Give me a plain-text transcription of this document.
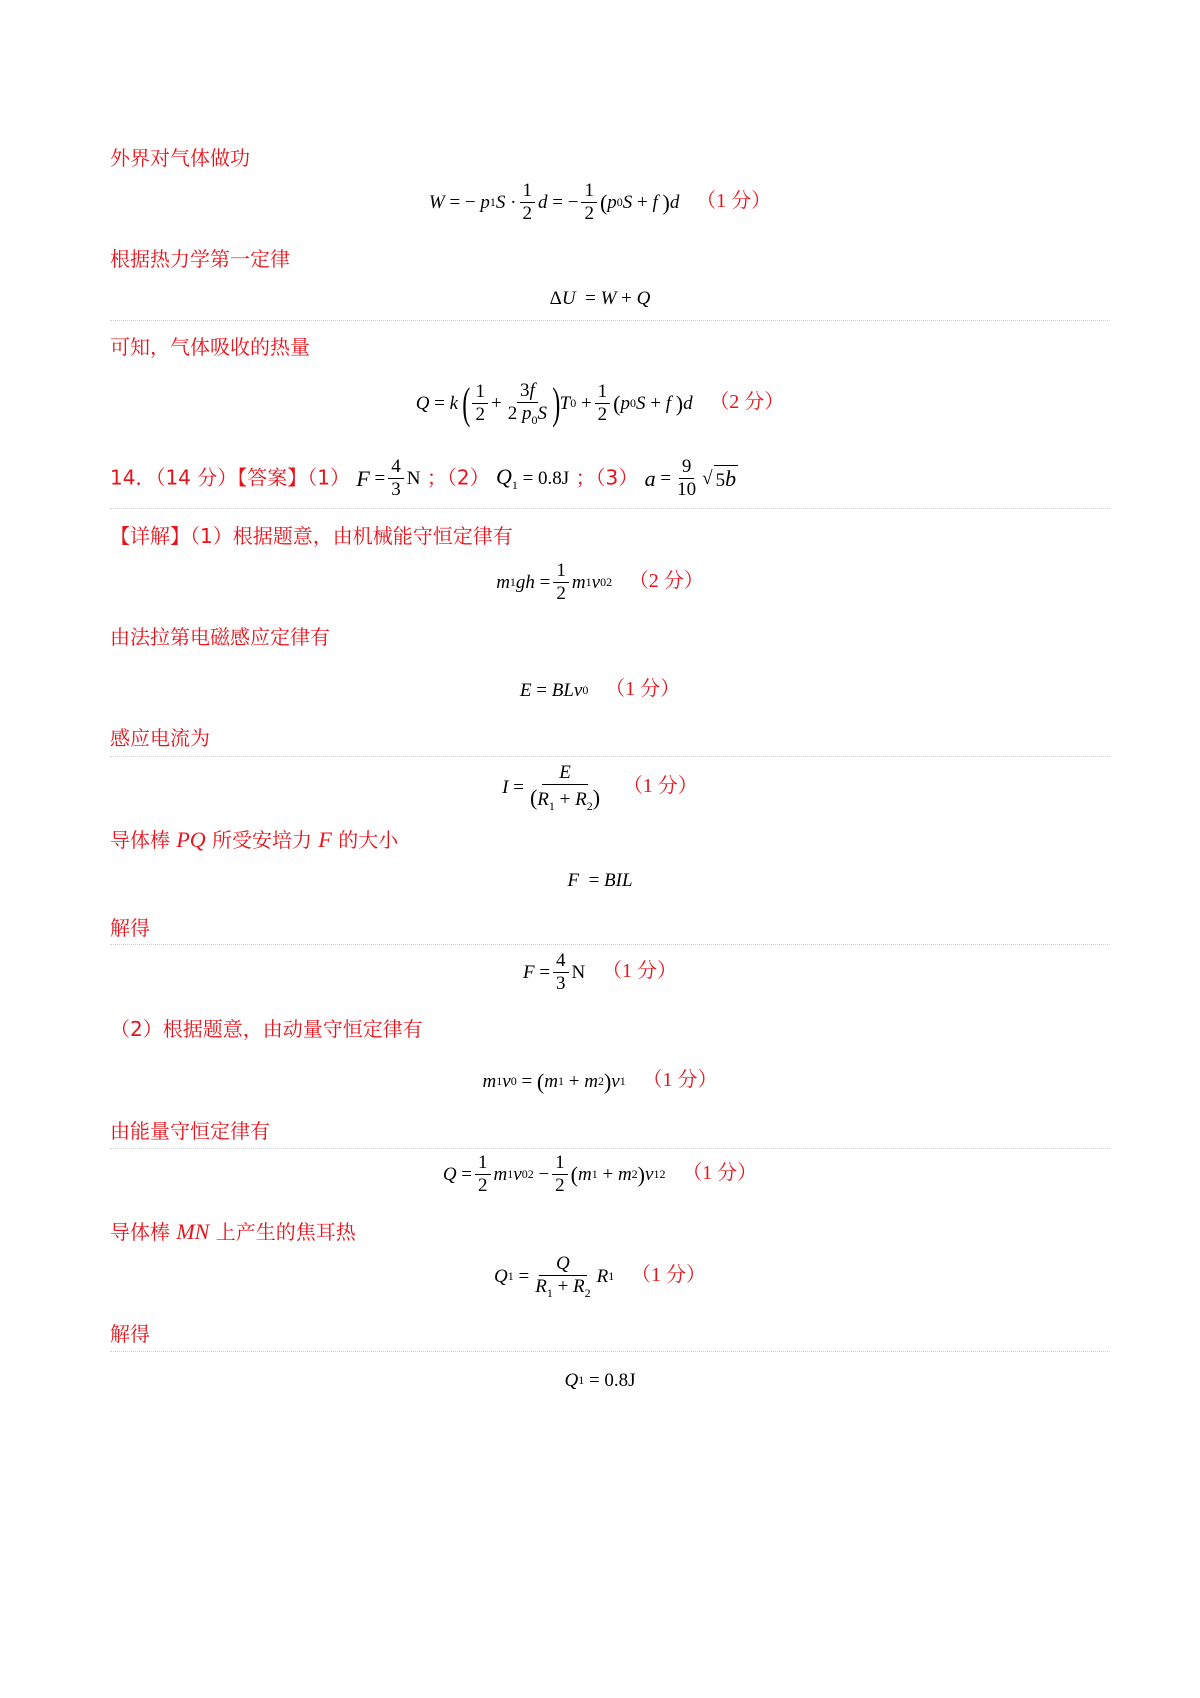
外界对气体做功
W = − p 1 $S \cdot \frac{1}{2}$ d = − $\frac{1}{2}$ ( p 0 S + f
) d （1 分）
根据热力学第一定律
Δ U = W + Q
可知，气体吸收的热量
Q = k
( $\frac{1}{2} + \frac{3f}{2 p_0S}$ ) T $0 + \frac{1}{2}$ ( p 0 S + f
) d （2 分）
14．（14 分）【答案】（1） $F = \frac{4}{3}$ N ；（2） $Q_1 = 0.8J$ ；（3） $a = \frac{9}{10}$ √ 5b
【详解】（1）根据题意，由机械能守恒定律有
m 1 gh = $\frac{1}{2}$ m 1 v 0 2 （2 分）
由法拉第电磁感应定律有
E = BLv 0 （1 分）
感应电流为
$I = \frac{E}{(R_1 + R_2)} (1$ 分）
导体棒 PQ 所受安培力 F 的大小
F = BIL
解得
$F = \frac{4}{3}$ N （1 分）
（2）根据题意，由动量守恒定律有
m 1 v 0 = ( m 1 + m 2 ) v 1 （1 分）
由能量守恒定律有
$Q = \frac{1}{2}$ m 1 v 0 $2 - \frac{1}{2}$ ( m 1 + m 2 ) v 1 2 （1 分）
导体棒 MN 上产生的焦耳热
Q $1 = \frac{Q}{R_1 + R_2}$ R 1 （1 分）
解得
Q 1 = 0.8J
